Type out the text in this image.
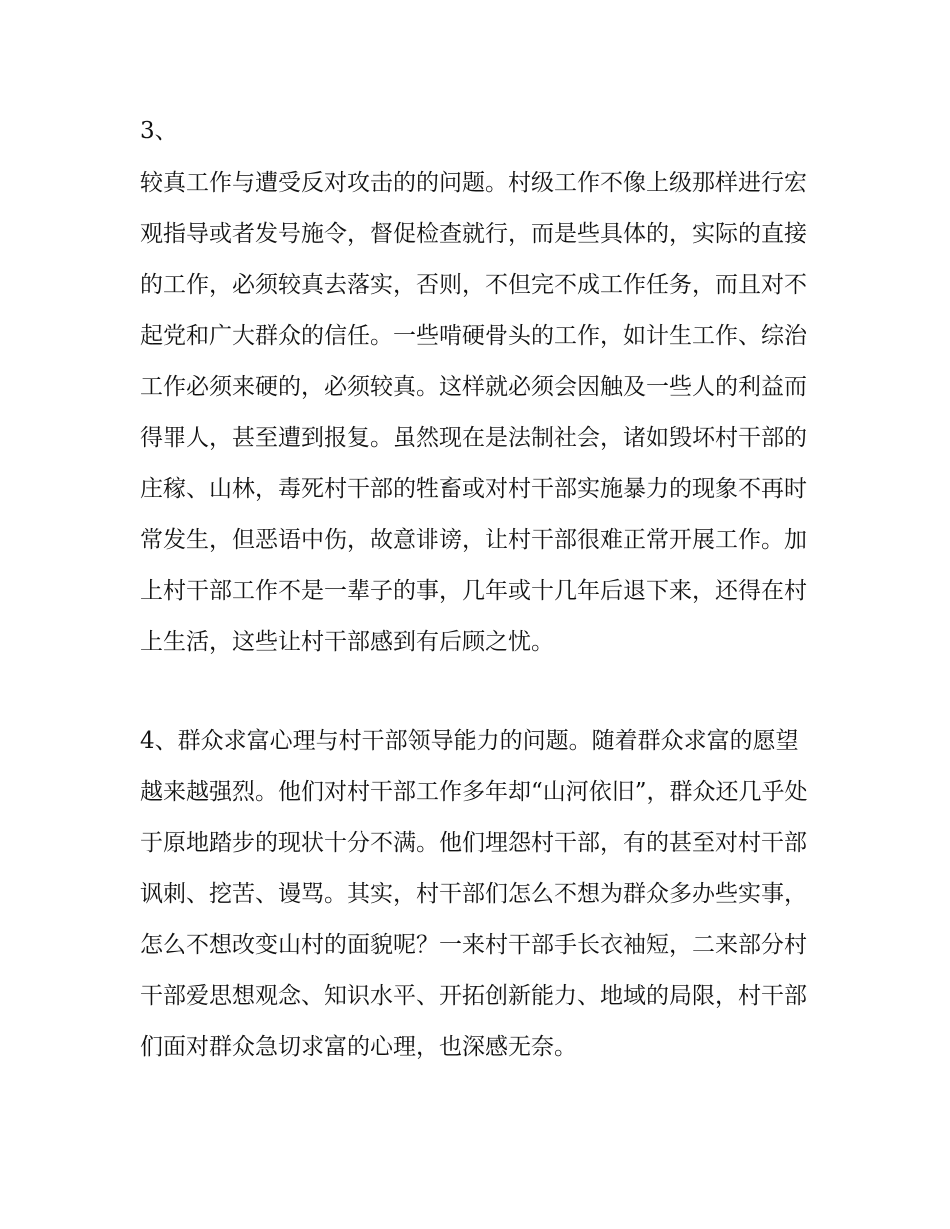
3、
较真工作与遭受反对攻击的的问题。村级工作不像上级那样进行宏观指导或者发号施令，督促检查就行，而是些具体的，实际的直接的工作，必须较真去落实，否则，不但完不成工作任务，而且对不起党和广大群众的信任。一些啃硬骨头的工作，如计生工作、综治工作必须来硬的，必须较真。这样就必须会因触及一些人的利益而得罪人，甚至遭到报复。虽然现在是法制社会，诸如毁坏村干部的庄稼、山林，毒死村干部的牲畜或对村干部实施暴力的现象不再时常发生，但恶语中伤，故意诽谤，让村干部很难正常开展工作。加上村干部工作不是一辈子的事，几年或十几年后退下来，还得在村上生活，这些让村干部感到有后顾之忧。
4、群众求富心理与村干部领导能力的问题。随着群众求富的愿望越来越强烈。他们对村干部工作多年却“山河依旧”，群众还几乎处于原地踏步的现状十分不满。他们埋怨村干部，有的甚至对村干部讽刺、挖苦、谩骂。其实，村干部们怎么不想为群众多办些实事，怎么不想改变山村的面貌呢？一来村干部手长衣袖短，二来部分村干部爱思想观念、知识水平、开拓创新能力、地域的局限，村干部们面对群众急切求富的心理，也深感无奈。
